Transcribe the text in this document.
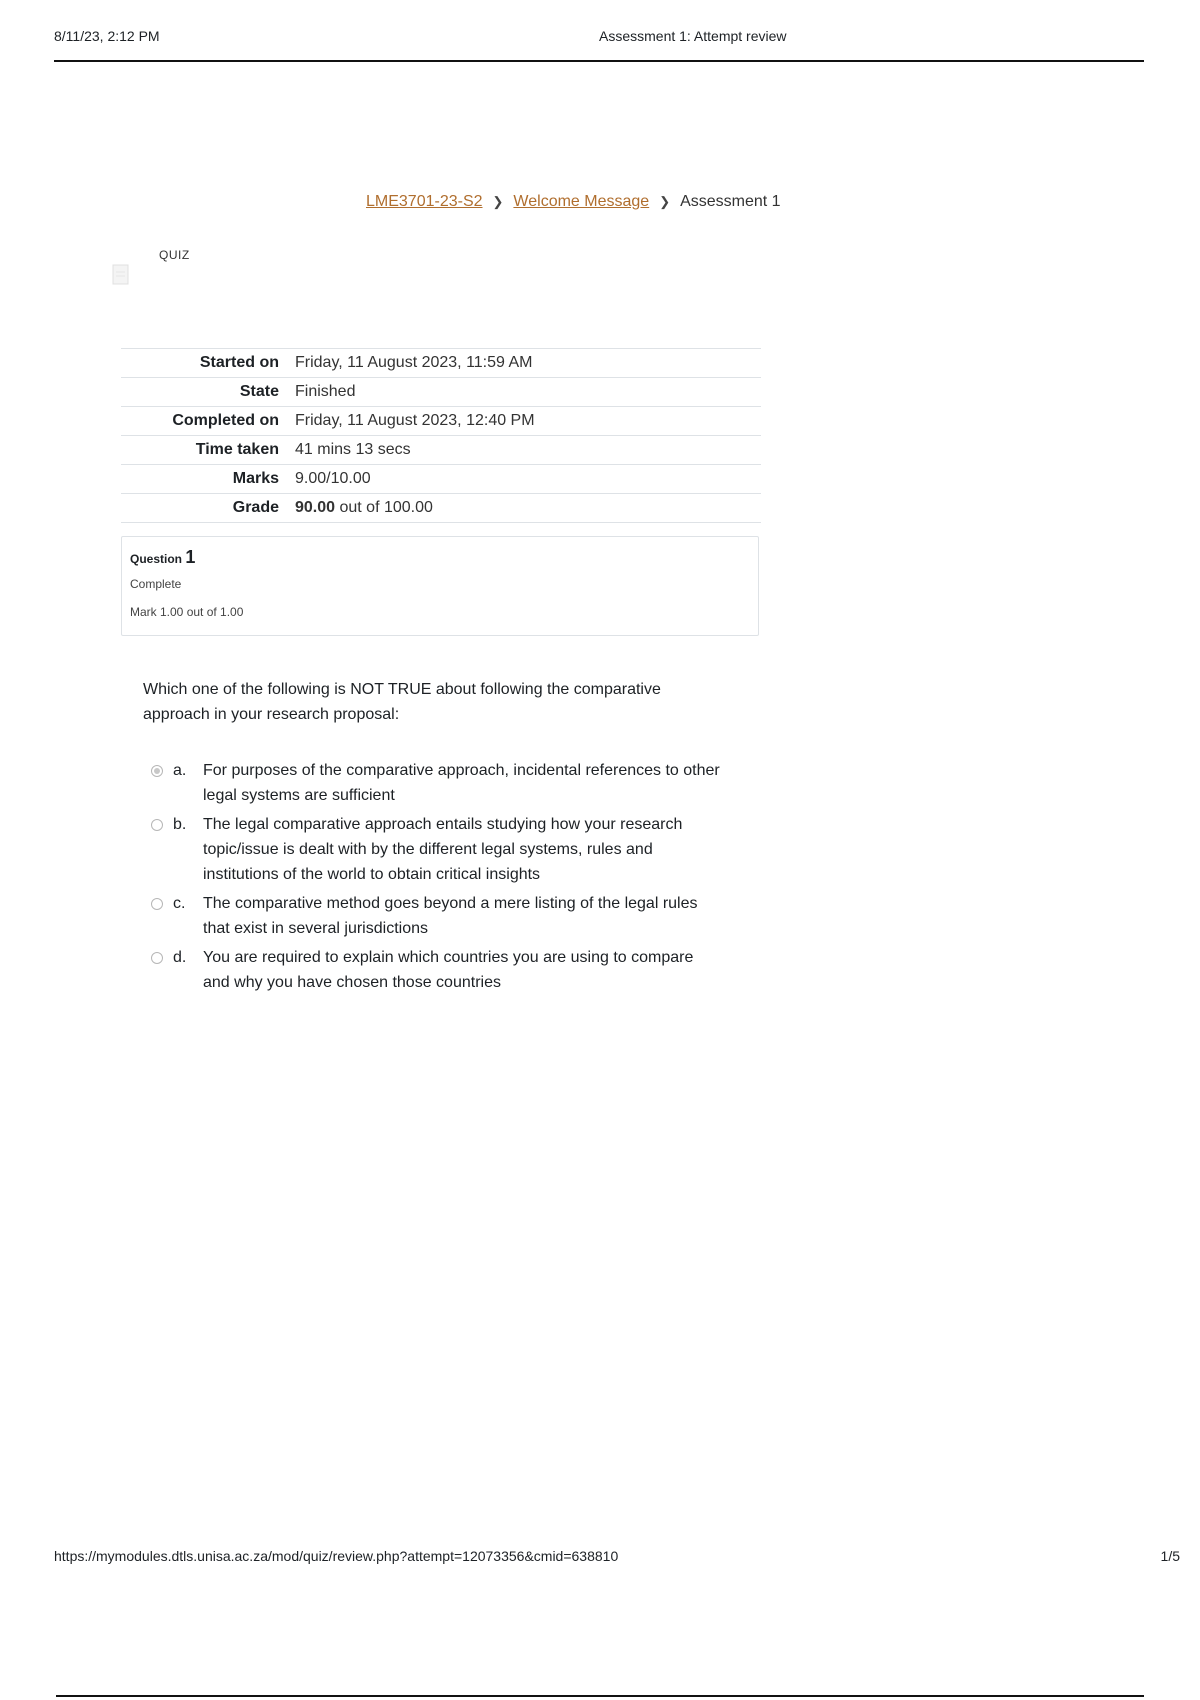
8/11/23, 2:12 PM	Assessment 1: Attempt review
LME3701-23-S2 ❯ Welcome Message ❯ Assessment 1
QUIZ
Started on	Friday, 11 August 2023, 11:59 AM
State	Finished
Completed on	Friday, 11 August 2023, 12:40 PM
Time taken	41 mins 13 secs
Marks	9.00/10.00
Grade	90.00 out of 100.00
Question 1
Complete
Mark 1.00 out of 1.00
Which one of the following is NOT TRUE about following the comparative approach in your research proposal:
a.	For purposes of the comparative approach, incidental references to other legal systems are sufficient
b.	The legal comparative approach entails studying how your research topic/issue is dealt with by the different legal systems, rules and institutions of the world to obtain critical insights
c.	The comparative method goes beyond a mere listing of the legal rules that exist in several jurisdictions
d.	You are required to explain which countries you are using to compare and why you have chosen those countries
https://mymodules.dtls.unisa.ac.za/mod/quiz/review.php?attempt=12073356&cmid=638810	1/5
